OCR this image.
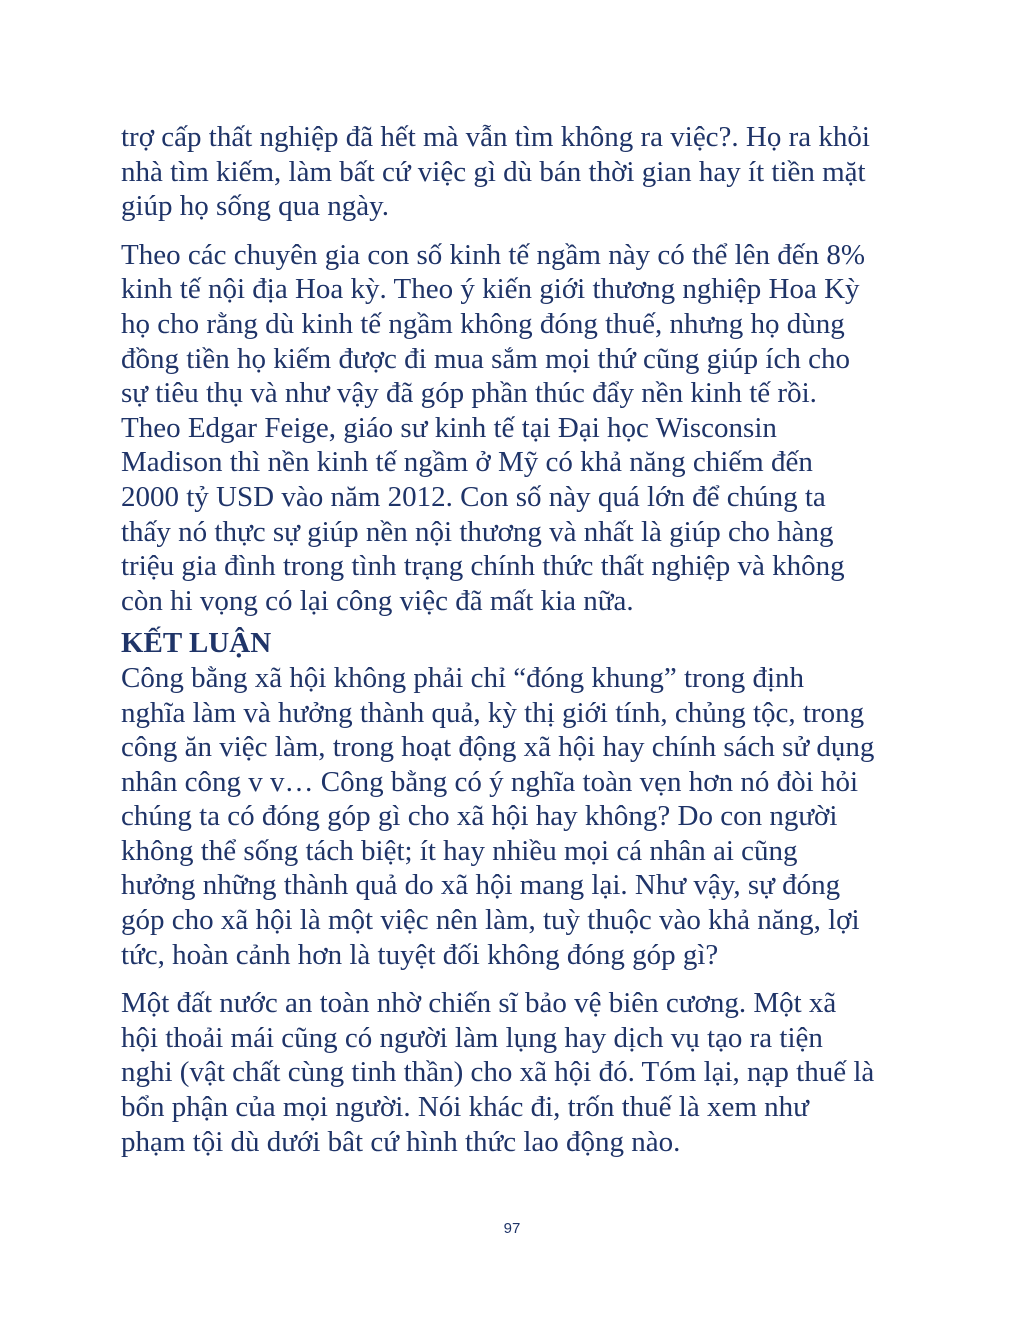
trợ cấp thất nghiệp đã hết mà vẫn tìm không ra việc?. Họ ra khỏi
nhà tìm kiếm, làm bất cứ việc gì dù bán thời gian hay ít tiền mặt
giúp họ sống qua ngày.

Theo các chuyên gia con số kinh tế ngầm này có thể lên đến 8%
kinh tế nội địa Hoa kỳ. Theo ý kiến giới thương nghiệp Hoa Kỳ
họ cho rằng dù kinh tế ngầm không đóng thuế, nhưng họ dùng
đồng tiền họ kiếm được đi mua sắm mọi thứ cũng giúp ích cho
sự tiêu thụ và như vậy đã góp phần thúc đẩy nền kinh tế rồi.
Theo Edgar Feige, giáo sư kinh tế tại Đại học Wisconsin
Madison thì nền kinh tế ngầm ở Mỹ có khả năng chiếm đến
2000 tỷ USD vào năm 2012. Con số này quá lớn để chúng ta
thấy nó thực sự giúp nền nội thương và nhất là giúp cho hàng
triệu gia đình trong tình trạng chính thức thất nghiệp và không
còn hi vọng có lại công việc đã mất kia nữa.

KẾT LUẬN

Công bằng xã hội không phải chỉ “đóng khung” trong định
nghĩa làm và hưởng thành quả, kỳ thị giới tính, chủng tộc, trong
công ăn việc làm, trong hoạt động xã hội hay chính sách sử dụng
nhân công v v… Công bằng có ý nghĩa toàn vẹn hơn nó đòi hỏi
chúng ta có đóng góp gì cho xã hội hay không? Do con người
không thể sống tách biệt; ít hay nhiều mọi cá nhân ai cũng
hưởng những thành quả do xã hội mang lại. Như vậy, sự đóng
góp cho xã hội là một việc nên làm, tuỳ thuộc vào khả năng, lợi
tức, hoàn cảnh hơn là tuyệt đối không đóng góp gì?

Một đất nước an toàn nhờ chiến sĩ bảo vệ biên cương. Một xã
hội thoải mái cũng có người làm lụng hay dịch vụ tạo ra tiện
nghi (vật chất cùng tinh thần) cho xã hội đó. Tóm lại, nạp thuế là
bổn phận của mọi người. Nói khác đi, trốn thuế là xem như
phạm tội dù dưới bât cứ hình thức lao động nào.

97
